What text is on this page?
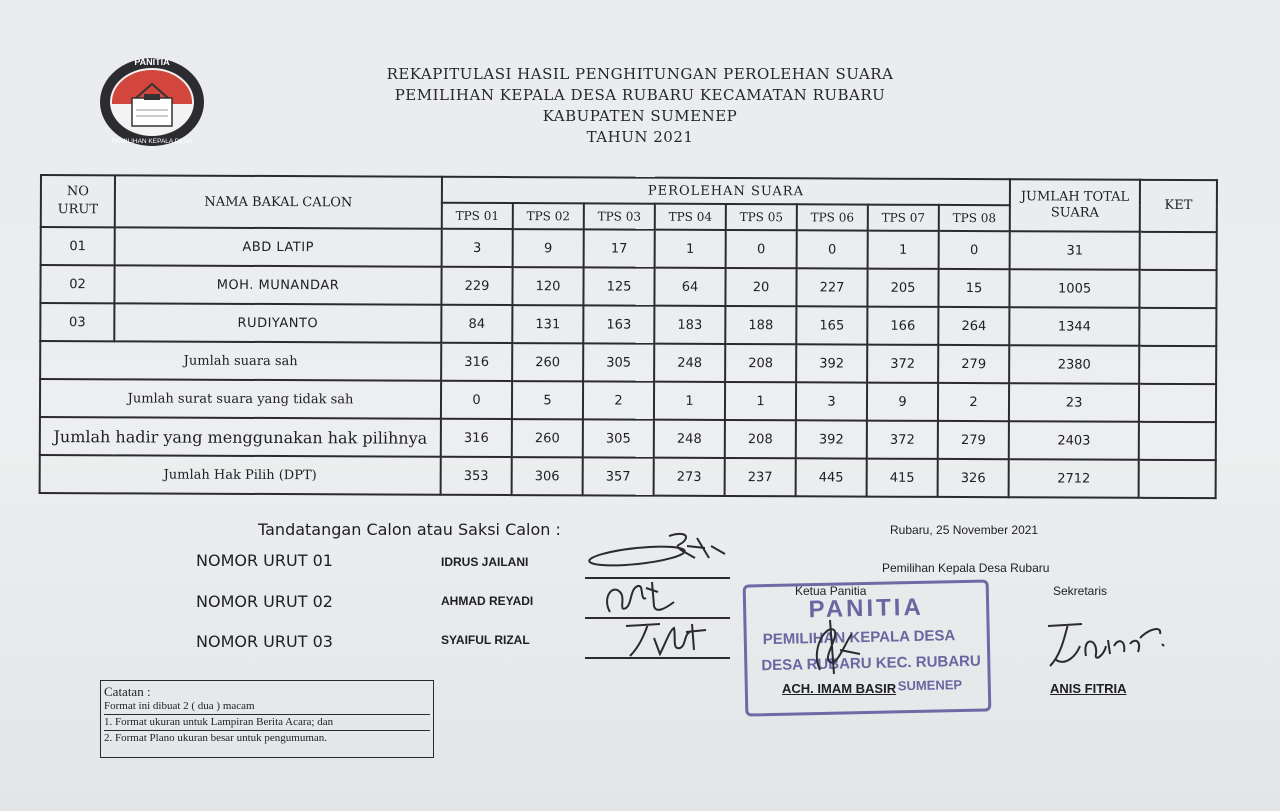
PANITIA
PEMILIHAN KEPALA DESA
REKAPITULASI HASIL PENGHITUNGAN PEROLEHAN SUARA
PEMILIHAN KEPALA DESA RUBARU KECAMATAN RUBARU
KABUPATEN SUMENEP
TAHUN 2021
NO
URUT	NAMA BAKAL CALON	PEROLEHAN SUARA								JUMLAH TOTAL
SUARA	KET
		TPS 01	TPS 02	TPS 03	TPS 04	TPS 05	TPS 06	TPS 07	TPS 08		
01	ABD LATIP	3	9	17	1	0	0	1	0	31	
02	MOH. MUNANDAR	229	120	125	64	20	227	205	15	1005	
03	RUDIYANTO	84	131	163	183	188	165	166	264	1344	
Jumlah suara sah		316	260	305	248	208	392	372	279	2380	
Jumlah surat suara yang tidak sah		0	5	2	1	1	3	9	2	23	
Jumlah hadir yang menggunakan hak pilihnya		316	260	305	248	208	392	372	279	2403	
Jumlah Hak Pilih (DPT)		353	306	357	273	237	445	415	326	2712	
Tandatangan Calon atau Saksi Calon :
NOMOR URUT 01	IDRUS JAILANI
NOMOR URUT 02	AHMAD REYADI
NOMOR URUT 03	SYAIFUL RIZAL
Rubaru, 25 November 2021
Pemilihan Kepala Desa Rubaru
Sekretaris
PANITIA
PEMILIHAN KEPALA DESA
DESA RUBARU KEC. RUBARU
SUMENEP
Ketua Panitia
ACH. IMAM BASIR	ANIS FITRIA
Catatan :
Format ini dibuat 2 ( dua ) macam
1. Format ukuran untuk Lampiran Berita Acara; dan
2. Format Plano ukuran besar untuk pengumuman.
